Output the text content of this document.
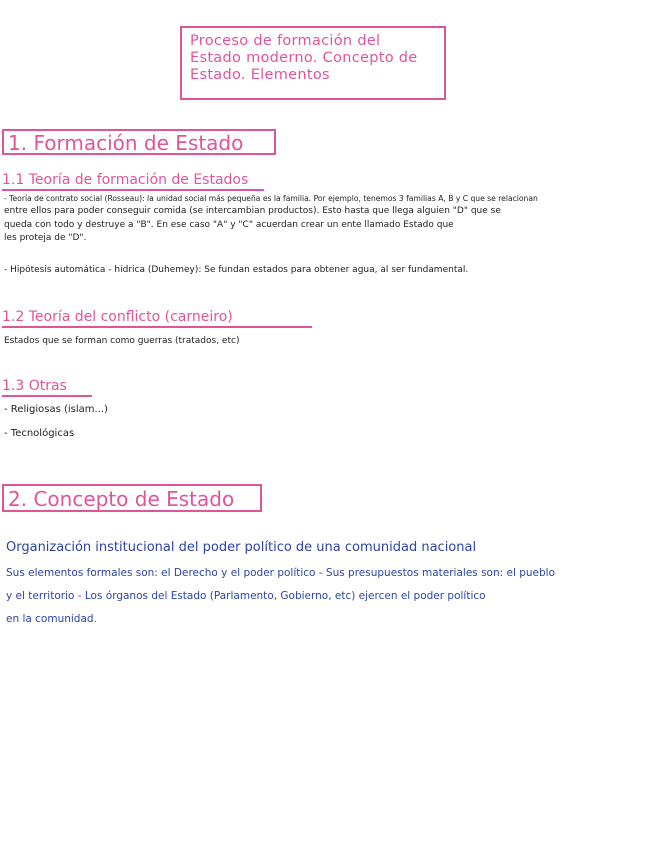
Proceso de formación del Estado moderno. Concepto de Estado. Elementos
1. Formación de Estado
1.1 Teoría de formación de Estados
- Teoría de contrato social (Rosseau): la unidad social más pequeña es la familia. Por ejemplo, tenemos 3 familias A, B y C que se relacionan
entre ellos para poder conseguir comida (se intercambian productos). Esto hasta que llega alguien "D" que se
queda con todo y destruye a "B". En ese caso "A" y "C" acuerdan crear un ente llamado Estado que
les proteja de "D".
- Hipótesis automática - hídrica (Duhemey): Se fundan estados para obtener agua, al ser fundamental.
1.2 Teoría del conflicto (carneiro)
Estados que se forman como guerras (tratados, etc)
1.3 Otras
- Religiosas (islam...)
- Tecnológicas
2. Concepto de Estado
Organización institucional del poder político de una comunidad nacional
Sus elementos formales son: el Derecho y el poder político - Sus presupuestos materiales son: el pueblo
y el territorio - Los órganos del Estado (Parlamento, Gobierno, etc) ejercen el poder político
en la comunidad.
